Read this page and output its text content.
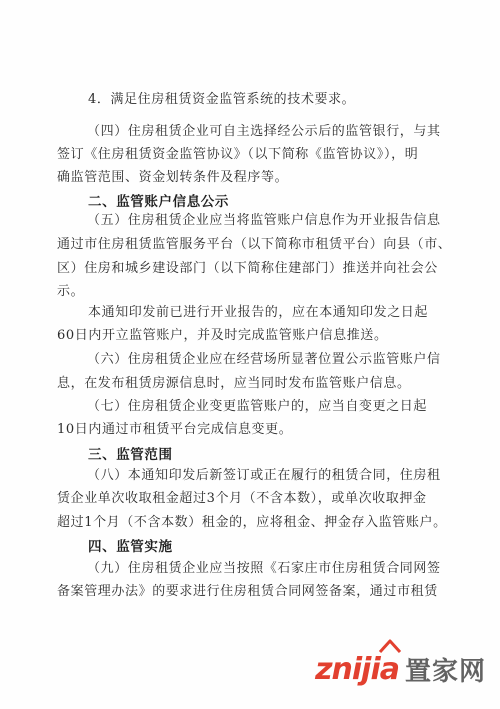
4．满足住房租赁资金监管系统的技术要求。
（四）住房租赁企业可自主选择经公示后的监管银行，与其
签订《住房租赁资金监管协议》（以下简称《监管协议》），明
确监管范围、资金划转条件及程序等。
二、监管账户信息公示
（五）住房租赁企业应当将监管账户信息作为开业报告信息
通过市住房租赁监管服务平台（以下简称市租赁平台）向县（市、
区）住房和城乡建设部门（以下简称住建部门）推送并向社会公
示。
本通知印发前已进行开业报告的，应在本通知印发之日起
60日内开立监管账户，并及时完成监管账户信息推送。
（六）住房租赁企业应在经营场所显著位置公示监管账户信
息，在发布租赁房源信息时，应当同时发布监管账户信息。
（七）住房租赁企业变更监管账户的，应当自变更之日起
10日内通过市租赁平台完成信息变更。
三、监管范围
（八）本通知印发后新签订或正在履行的租赁合同，住房租
赁企业单次收取租金超过3个月（不含本数），或单次收取押金
超过1个月（不含本数）租金的，应将租金、押金存入监管账户。
四、监管实施
（九）住房租赁企业应当按照《石家庄市住房租赁合同网签
备案管理办法》的要求进行住房租赁合同网签备案，通过市租赁
znijia 置家网
